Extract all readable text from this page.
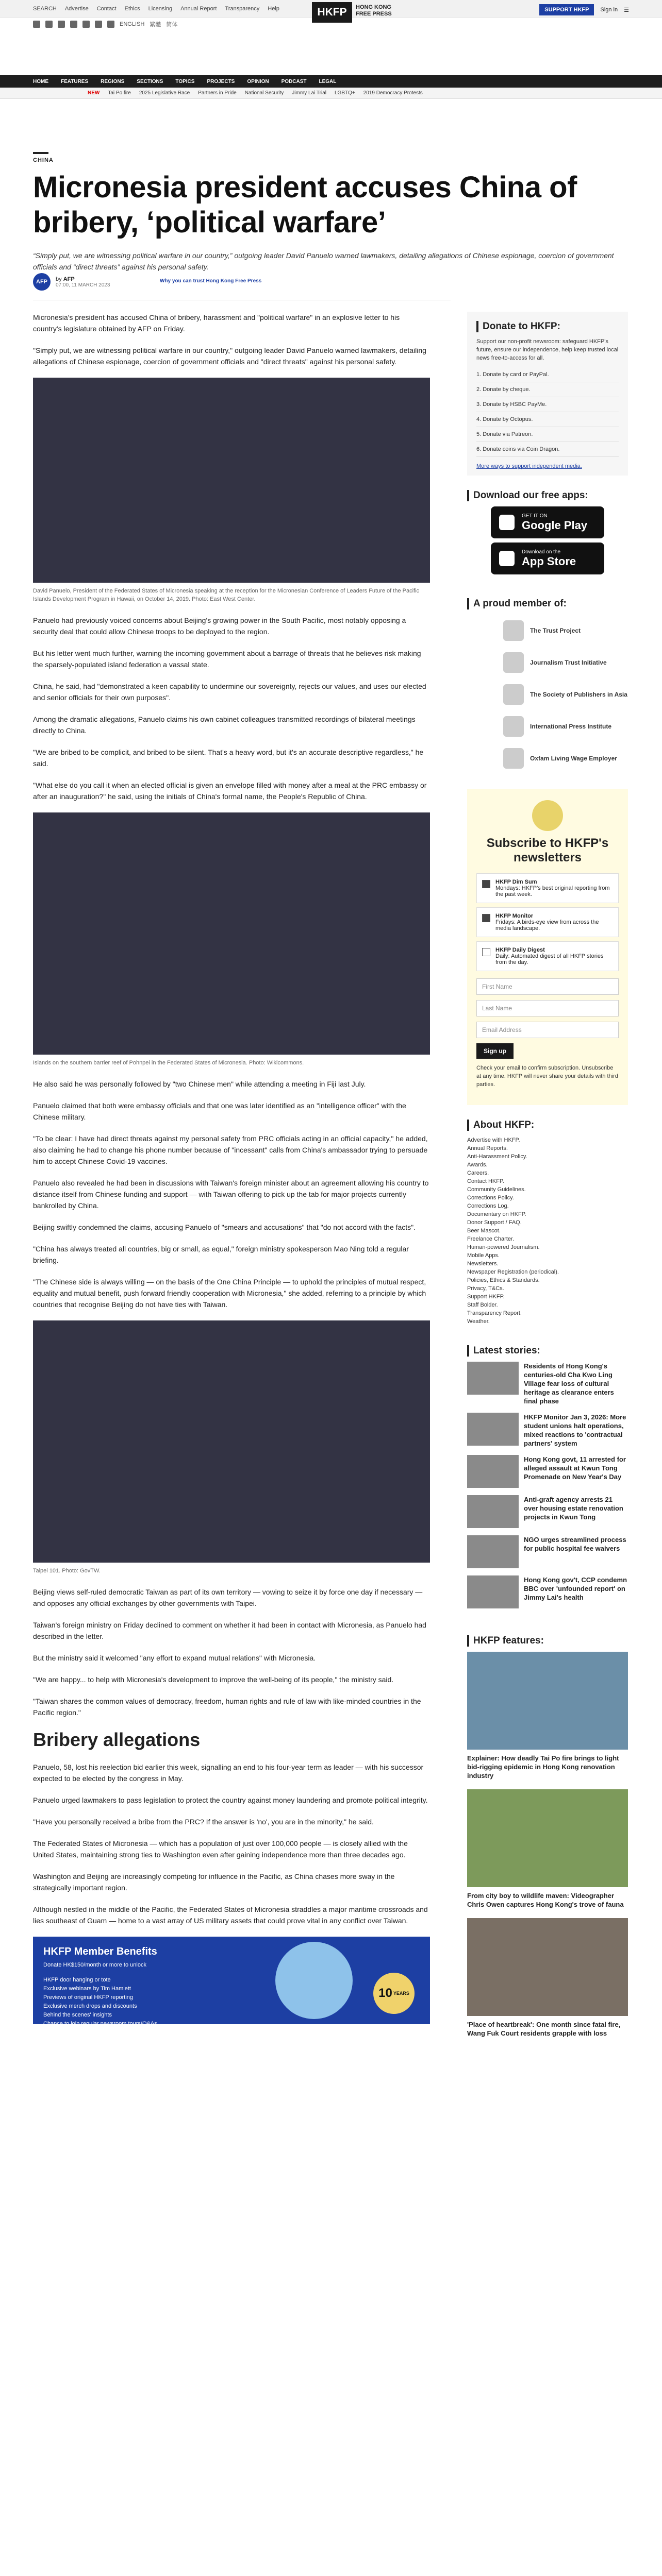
SEARCH Advertise Contact Ethics Licensing Annual Report Transparency Help	HKFP	HONG KONG
FREE PRESS
SUPPORT HKFP	Sign in ☰
ENGLISH 繁體 简体
HOME FEATURES REGIONS SECTIONS TOPICS PROJECTS OPINION PODCAST LEGAL
NEW Tai Po fire 2025 Legislative Race Partners in Pride National Security Jimmy Lai Trial LGBTQ+ 2019 Democracy Protests
CHINA
Micronesia president accuses China of bribery, ‘political warfare’
“Simply put, we are witnessing political warfare in our country,” outgoing leader David Panuelo warned lawmakers, detailing allegations of Chinese espionage, coercion of government officials and “direct threats” against his personal safety.
AFP	by AFP
07:00, 11 MARCH 2023
Why you can trust Hong Kong Free Press

Micronesia's president has accused China of bribery, harassment and "political warfare" in an explosive letter to his country's legislature obtained by AFP on Friday.

"Simply put, we are witnessing political warfare in our country," outgoing leader David Panuelo warned lawmakers, detailing allegations of Chinese espionage, coercion of government officials and "direct threats" against his personal safety.

David Panuelo, President of the Federated States of Micronesia speaking at the reception for the Micronesian Conference of Leaders Future of the Pacific Islands Development Program in Hawaii, on October 14, 2019. Photo: East West Center.

Panuelo had previously voiced concerns about Beijing's growing power in the South Pacific, most notably opposing a security deal that could allow Chinese troops to be deployed to the region.

But his letter went much further, warning the incoming government about a barrage of threats that he believes risk making the sparsely-populated island federation a vassal state.

China, he said, had "demonstrated a keen capability to undermine our sovereignty, rejects our values, and uses our elected and senior officials for their own purposes".

Among the dramatic allegations, Panuelo claims his own cabinet colleagues transmitted recordings of bilateral meetings directly to China.

"We are bribed to be complicit, and bribed to be silent. That's a heavy word, but it's an accurate descriptive regardless," he said.

"What else do you call it when an elected official is given an envelope filled with money after a meal at the PRC embassy or after an inauguration?" he said, using the initials of China's formal name, the People's Republic of China.

Islands on the southern barrier reef of Pohnpei in the Federated States of Micronesia. Photo: Wikicommons.

He also said he was personally followed by "two Chinese men" while attending a meeting in Fiji last July.

Panuelo claimed that both were embassy officials and that one was later identified as an "intelligence officer" with the Chinese military.

"To be clear: I have had direct threats against my personal safety from PRC officials acting in an official capacity," he added, also claiming he had to change his phone number because of "incessant" calls from China's ambassador trying to persuade him to accept Chinese Covid-19 vaccines.

Panuelo also revealed he had been in discussions with Taiwan's foreign minister about an agreement allowing his country to distance itself from Chinese funding and support — with Taiwan offering to pick up the tab for major projects currently bankrolled by China.

Beijing swiftly condemned the claims, accusing Panuelo of "smears and accusations" that "do not accord with the facts".

"China has always treated all countries, big or small, as equal," foreign ministry spokesperson Mao Ning told a regular briefing.

"The Chinese side is always willing — on the basis of the One China Principle — to uphold the principles of mutual respect, equality and mutual benefit, push forward friendly cooperation with Micronesia," she added, referring to a principle by which countries that recognise Beijing do not have ties with Taiwan.

Taipei 101. Photo: GovTW.

Beijing views self-ruled democratic Taiwan as part of its own territory — vowing to seize it by force one day if necessary — and opposes any official exchanges by other governments with Taipei.

Taiwan's foreign ministry on Friday declined to comment on whether it had been in contact with Micronesia, as Panuelo had described in the letter.

But the ministry said it welcomed "any effort to expand mutual relations" with Micronesia.

"We are happy... to help with Micronesia's development to improve the well-being of its people," the ministry said.

"Taiwan shares the common values of democracy, freedom, human rights and rule of law with like-minded countries in the Pacific region."

Bribery allegations

Panuelo, 58, lost his reelection bid earlier this week, signalling an end to his four-year term as leader — with his successor expected to be elected by the congress in May.

Panuelo urged lawmakers to pass legislation to protect the country against money laundering and promote political integrity.

"Have you personally received a bribe from the PRC? If the answer is 'no', you are in the minority," he said.

The Federated States of Micronesia — which has a population of just over 100,000 people — is closely allied with the United States, maintaining strong ties to Washington even after gaining independence more than three decades ago.

Washington and Beijing are increasingly competing for influence in the Pacific, as China chases more sway in the strategically important region.

Although nestled in the middle of the Pacific, the Federated States of Micronesia straddles a major maritime crossroads and lies southeast of Guam — home to a vast array of US military assets that could prove vital in any conflict over Taiwan.

HKFP Member Benefits
Donate HK$150/month or more to unlock
HKFP door hanging or tote
Exclusive webinars by Tim Hamlett
Previews of original HKFP reporting
Exclusive merch drops and discounts
Behind the scenes' insights
Chance to join regular newsroom tours/Q&As
Early access to Annual & Transparency Reports
All third-party banner ads removed
10 YEARS
Donate to HKFP:
Support our non-profit newsroom: safeguard HKFP's future, ensure our independence, help keep trusted local news free-to-access for all.
1. Donate by card or PayPal.
2. Donate by cheque.
3. Donate by HSBC PayMe.
4. Donate by Octopus.
5. Donate via Patreon.
6. Donate coins via Coin Dragon.
More ways to support independent media.
Download our free apps:
GET IT ON
Google Play
Download on the
App Store
A proud member of:
The Trust Project
Journalism Trust Initiative
The Society of Publishers in Asia
International Press Institute
Oxfam Living Wage Employer
Subscribe to HKFP's newsletters
HKFP Dim Sum
Mondays: HKFP's best original reporting from the past week.
HKFP Monitor
Fridays: A birds-eye view from across the media landscape.
HKFP Daily Digest
Daily: Automated digest of all HKFP stories from the day.
First Name
Last Name
Email Address
Sign up
Check your email to confirm subscription. Unsubscribe at any time. HKFP will never share your details with third parties.
About HKFP:
Advertise with HKFP.
Annual Reports.
Anti-Harassment Policy.
Awards.
Careers.
Contact HKFP.
Community Guidelines.
Corrections Policy.
Corrections Log.
Documentary on HKFP.
Donor Support / FAQ.
Beer Mascot.
Freelance Charter.
Human-powered Journalism.
Mobile Apps.
Newsletters.
Newspaper Registration (periodical).
Policies, Ethics & Standards.
Privacy, T&Cs.
Support HKFP.
Staff Bolder.
Transparency Report.
Weather.
Latest stories:
Residents of Hong Kong's centuries-old Cha Kwo Ling Village fear loss of cultural heritage as clearance enters final phase
HKFP Monitor Jan 3, 2026: More student unions halt operations, mixed reactions to 'contractual partners' system
Hong Kong govt, 11 arrested for alleged assault at Kwun Tong Promenade on New Year's Day
Anti-graft agency arrests 21 over housing estate renovation projects in Kwun Tong
NGO urges streamlined process for public hospital fee waivers
Hong Kong gov't, CCP condemn BBC over 'unfounded report' on Jimmy Lai's health
HKFP features:
Explainer: How deadly Tai Po fire brings to light bid-rigging epidemic in Hong Kong renovation industry
From city boy to wildlife maven: Videographer Chris Owen captures Hong Kong's trove of fauna
'Place of heartbreak': One month since fatal fire, Wang Fuk Court residents grapple with loss
